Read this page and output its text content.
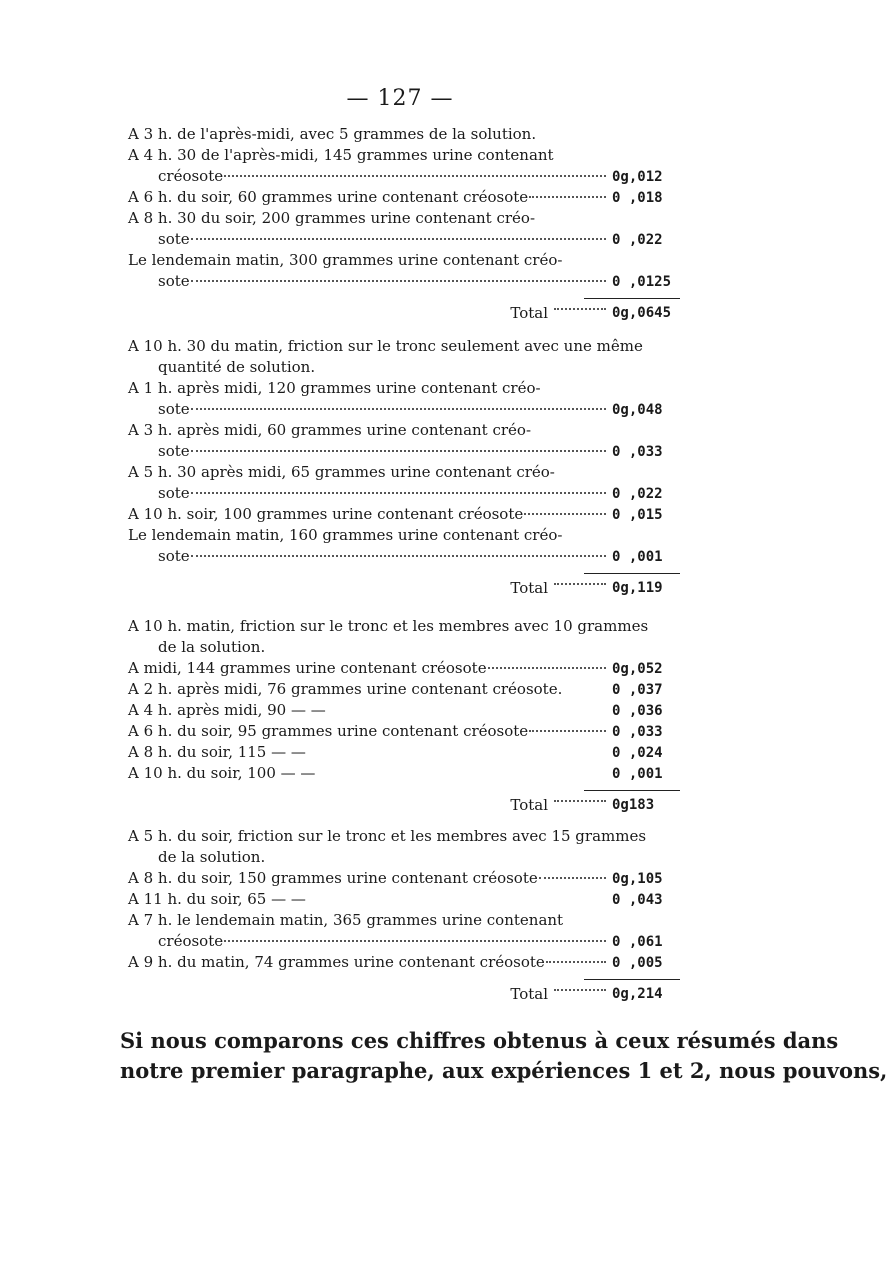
— 127 —
A 3 h. de l'après-midi, avec 5 grammes de la solution.
A 4 h. 30 de l'après-midi, 145 grammes urine contenant
créosote	0g,012
A 6 h. du soir, 60 grammes urine contenant créosote	0 ,018
A 8 h. 30 du soir, 200 grammes urine contenant créo-
sote	0 ,022
Le lendemain matin, 300 grammes urine contenant créo-
sote	0 ,0125
Total	0g,0645
A 10 h. 30 du matin, friction sur le tronc seulement avec une même
quantité de solution.
A 1 h. après midi, 120 grammes urine contenant créo-
sote	0g,048
A 3 h. après midi, 60 grammes urine contenant créo-
sote	0 ,033
A 5 h. 30 après midi, 65 grammes urine contenant créo-
sote	0 ,022
A 10 h. soir, 100 grammes urine contenant créosote	0 ,015
Le lendemain matin, 160 grammes urine contenant créo-
sote	0 ,001
Total	0g,119
A 10 h. matin, friction sur le tronc et les membres avec 10 grammes
de la solution.
A midi, 144 grammes urine contenant créosote	0g,052
A 2 h. après midi, 76 grammes urine contenant créosote.	0 ,037
A 4 h. après midi, 90 — —	0 ,036
A 6 h. du soir, 95 grammes urine contenant créosote	0 ,033
A 8 h. du soir, 115 — —	0 ,024
A 10 h. du soir, 100 — —	0 ,001
Total	0g183
A 5 h. du soir, friction sur le tronc et les membres avec 15 grammes
de la solution.
A 8 h. du soir, 150 grammes urine contenant créosote	0g,105
A 11 h. du soir, 65 — —	0 ,043
A 7 h. le lendemain matin, 365 grammes urine contenant
créosote	0 ,061
A 9 h. du matin, 74 grammes urine contenant créosote	0 ,005
Total	0g,214

Si nous comparons ces chiffres obtenus à ceux résumés dans

notre premier paragraphe, aux expériences 1 et 2, nous pouvons,
